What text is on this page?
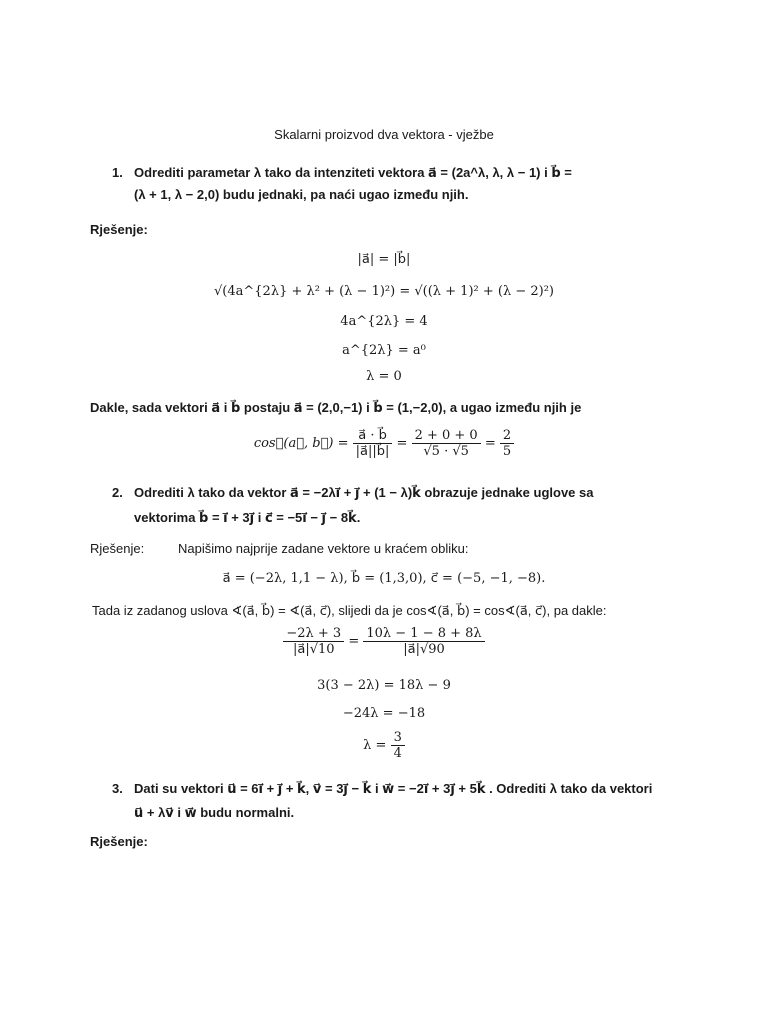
Skalarni proizvod dva vektora - vježbe
1. Odrediti parametar λ tako da intenziteti vektora a⃗ = (2a^λ, λ, λ − 1) i b⃗ =
(λ + 1, λ − 2,0) budu jednaki, pa naći ugao između njih.
Rješenje:
|a⃗| = |b⃗|
√(4a^{2λ} + λ² + (λ − 1)²) = √((λ + 1)² + (λ − 2)²)
4a^{2λ} = 4
a^{2λ} = a⁰
λ = 0
Dakle, sada vektori a⃗ i b⃗ postaju a⃗ = (2,0,−1) i b⃗ = (1,−2,0), a ugao između njih je
cos∢(a⃗, b⃗) = $\frac{a⃗ \cdot b⃗}{|a⃗||b⃗|} = \frac{2 + 0 + 0}{√5 \cdot √5} = \frac{2}{5}$
2. Odrediti λ tako da vektor a⃗ = −2λi⃗ + j⃗ + (1 − λ)k⃗ obrazuje jednake uglove sa
vektorima b⃗ = i⃗ + 3j⃗ i c⃗ = −5i⃗ − j⃗ − 8k⃗.
Rješenje:	Napišimo najprije zadane vektore u kraćem obliku:
a⃗ = (−2λ, 1,1 − λ), b⃗ = (1,3,0), c⃗ = (−5, −1, −8).
Tada iz zadanog uslova ∢(a⃗, b⃗) = ∢(a⃗, c⃗), slijedi da je cos∢(a⃗, b⃗) = cos∢(a⃗, c⃗), pa dakle:
$\frac{-2\lambda + 3}{|a⃗|√10} = \frac{10\lambda - 1 - 8 + 8\lambda}{|a⃗|√90}$
3(3 − 2λ) = 18λ − 9
−24λ = −18
$\lambda = \frac{3}{4}$
3. Dati su vektori u⃗ = 6i⃗ + j⃗ + k⃗, v⃗ = 3j⃗ − k⃗ i w⃗ = −2i⃗ + 3j⃗ + 5k⃗ . Odrediti λ tako da vektori
u⃗ + λv⃗ i w⃗ budu normalni.
Rješenje:
